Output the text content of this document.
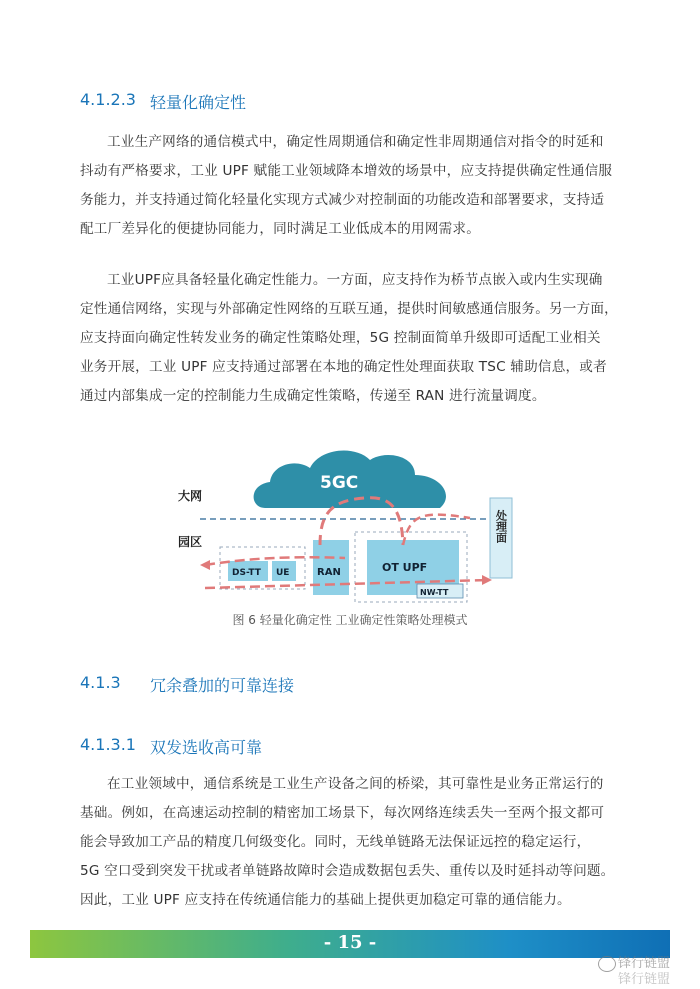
4.1.2.3 轻量化确定性
工业生产网络的通信模式中，确定性周期通信和确定性非周期通信对指令的时延和
抖动有严格要求，工业 UPF 赋能工业领域降本增效的场景中，应支持提供确定性通信服
务能力，并支持通过简化轻量化实现方式减少对控制面的功能改造和部署要求，支持适
配工厂差异化的便捷协同能力，同时满足工业低成本的用网需求。
工业UPF应具备轻量化确定性能力。一方面，应支持作为桥节点嵌入或内生实现确
定性通信网络，实现与外部确定性网络的互联互通，提供时间敏感通信服务。另一方面，
应支持面向确定性转发业务的确定性策略处理，5G 控制面简单升级即可适配工业相关
业务开展，工业 UPF 应支持通过部署在本地的确定性处理面获取 TSC 辅助信息，或者
通过内部集成一定的控制能力生成确定性策略，传递至 RAN 进行流量调度。
5GC
大网
园区	处理面
DS-TT UE	RAN	OT UPF
NW-TT
图 6 轻量化确定性 工业确定性策略处理模式
4.1.3	冗余叠加的可靠连接
4.1.3.1 双发选收高可靠
在工业领域中，通信系统是工业生产设备之间的桥梁，其可靠性是业务正常运行的
基础。例如，在高速运动控制的精密加工场景下，每次网络连续丢失一至两个报文都可
能会导致加工产品的精度几何级变化。同时，无线单链路无法保证远控的稳定运行，
5G 空口受到突发干扰或者单链路故障时会造成数据包丢失、重传以及时延抖动等问题。
因此，工业 UPF 应支持在传统通信能力的基础上提供更加稳定可靠的通信能力。
- 15 -
锋行链盟
锋行链盟
